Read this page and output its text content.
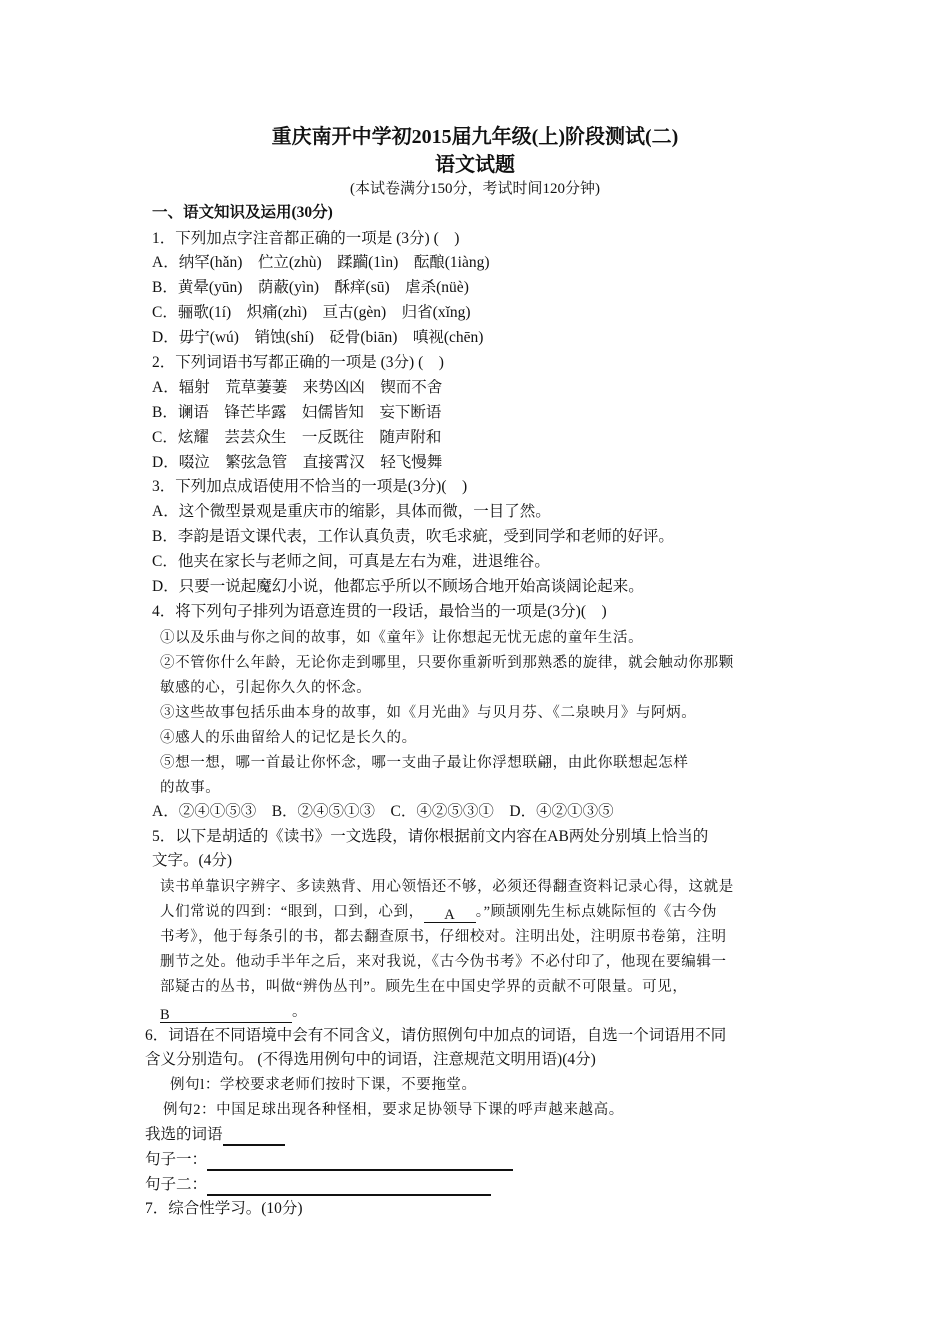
重庆南开中学初2015届九年级(上)阶段测试(二)
语文试题
(本试卷满分150分，考试时间120分钟)
一、语文知识及运用(30分)
1．下列加点字注音都正确的一项是 (3分) (　)
A．纳罕(hǎn)　伫立(zhù)　蹂躏(1ìn)　酝酿(1iàng)
B．黄晕(yūn)　荫蔽(yìn)　酥痒(sū)　虐杀(nüè)
C．骊歌(1í)　炽痛(zhì)　亘古(gèn)　归省(xǐng)
D．毋宁(wú)　销蚀(shí)　砭骨(biān)　嗔视(chēn)
2．下列词语书写都正确的一项是 (3分) (　)
A．辐射　荒草萋萋　来势凶凶　锲而不舍
B．谰语　锋芒毕露　妇儒皆知　妄下断语
C．炫耀　芸芸众生　一反既往　随声附和
D．啜泣　繁弦急管　直接霄汉　轻飞慢舞
3．下列加点成语使用不恰当的一项是(3分)(　)
A．这个微型景观是重庆市的缩影，具体而微，一目了然。
B．李韵是语文课代表，工作认真负责，吹毛求疵，受到同学和老师的好评。
C．他夹在家长与老师之间，可真是左右为难，进退维谷。
D．只要一说起魔幻小说，他都忘乎所以不顾场合地开始高谈阔论起来。
4．将下列句子排列为语意连贯的一段话，最恰当的一项是(3分)(　)
①以及乐曲与你之间的故事，如《童年》让你想起无忧无虑的童年生活。
②不管你什么年龄，无论你走到哪里，只要你重新听到那熟悉的旋律，就会触动你那颗
敏感的心，引起你久久的怀念。
③这些故事包括乐曲本身的故事，如《月光曲》与贝月芬、《二泉映月》与阿炳。
④感人的乐曲留给人的记忆是长久的。
⑤想一想，哪一首最让你怀念，哪一支曲子最让你浮想联翩，由此你联想起怎样
的故事。
A．②④①⑤③　B．②④⑤①③　C．④②⑤③①　D．④②①③⑤
5．以下是胡适的《读书》一文选段，请你根据前文内容在AB两处分别填上恰当的
文字。(4分)
读书单靠识字辨字、多读熟背、用心领悟还不够，必须还得翻查资料记录心得，这就是
人们常说的四到：“眼到，口到，心到， A 。”顾颉刚先生标点姚际恒的《古今伪
书考》，他于每条引的书，都去翻查原书，仔细校对。注明出处，注明原书卷第，注明
删节之处。他动手半年之后，来对我说，《古今伪书考》不必付印了，他现在要编辑一
部疑古的丛书，叫做“辨伪丛刊”。顾先生在中国史学界的贡献不可限量。可见，
B	。
6．词语在不同语境中会有不同含义，请仿照例句中加点的词语，自选一个词语用不同
含义分别造句。 (不得选用例句中的词语，注意规范文明用语)(4分)
例句l：学校要求老师们按时下课，不要拖堂。
例句2：中国足球出现各种怪相，要求足协领导下课的呼声越来越高。
我选的词语
句子一：
句子二：
7．综合性学习。(10分)
